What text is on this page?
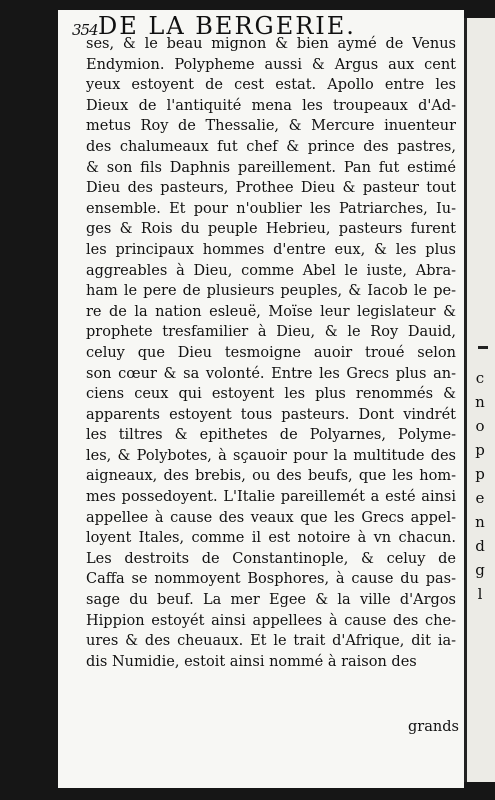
354 DE LA BERGERIE.
ses, & le beau mignon & bien aymé de Venus
Endymion. Polypheme aussi & Argus aux cent
yeux estoyent de cest estat. Apollo entre les
Dieux de l'antiquité mena les troupeaux d'Ad-
metus Roy de Thessalie, & Mercure inuenteur
des chalumeaux fut chef & prince des pastres,
& son fils Daphnis pareillement. Pan fut estimé
Dieu des pasteurs, Prothee Dieu & pasteur tout
ensemble. Et pour n'oublier les Patriarches, Iu-
ges & Rois du peuple Hebrieu, pasteurs furent
les principaux hommes d'entre eux, & les plus
aggreables à Dieu, comme Abel le iuste, Abra-
ham le pere de plusieurs peuples, & Iacob le pe-
re de la nation esleuë, Moïse leur legislateur &
prophete tresfamilier à Dieu, & le Roy Dauid,
celuy que Dieu tesmoigne auoir troué selon
son cœur & sa volonté. Entre les Grecs plus an-
ciens ceux qui estoyent les plus renommés &
apparents estoyent tous pasteurs. Dont vindrét
les tiltres & epithetes de Polyarnes, Polyme-
les, & Polybotes, à sçauoir pour la multitude des
aigneaux, des brebis, ou des beufs, que les hom-
mes possedoyent. L'Italie pareillemét a esté ainsi
appellee à cause des veaux que les Grecs appel-
loyent Itales, comme il est notoire à vn chacun.
Les destroits de Constantinople, & celuy de
Caffa se nommoyent Bosphores, à cause du pas-
sage du beuf. La mer Egee & la ville d'Argos
Hippion estoyét ainsi appellees à cause des che-
ures & des cheuaux. Et le trait d'Afrique, dit ia-
dis Numidie, estoit ainsi nommé à raison des
grands
c
n
o
p
p
e
n
d
g
l
